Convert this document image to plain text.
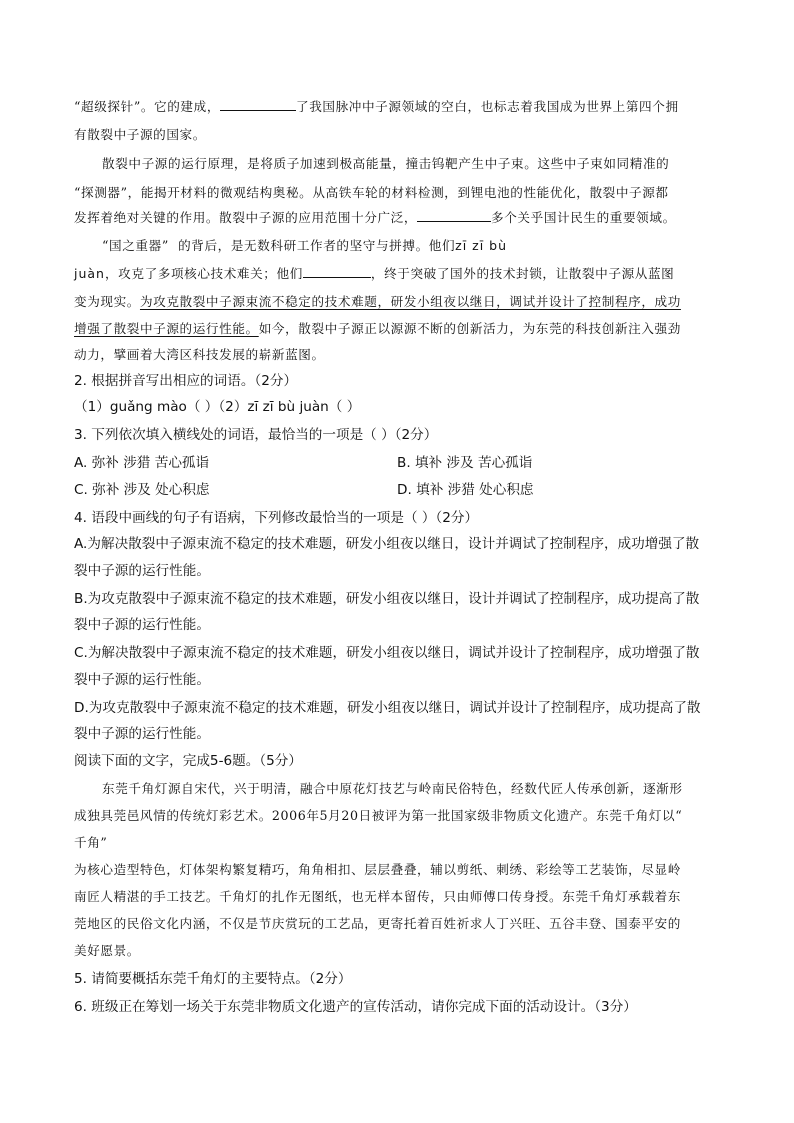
“超级探针”。它的建成，	了我国脉冲中子源领域的空白，也标志着我国成为世界上第四个拥
有散裂中子源的国家。
散裂中子源的运行原理，是将质子加速到极高能量，撞击钨靶产生中子束。这些中子束如同精准的
“探测器”，能揭开材料的微观结构奥秘。从高铁车轮的材料检测，到锂电池的性能优化，散裂中子源都
发挥着绝对关键的作用。散裂中子源的应用范围十分广泛，	多个关乎国计民生的重要领域。
“国之重器” 的背后，是无数科研工作者的坚守与拼搏。他们zī zī bù
juàn，攻克了多项核心技术难关；他们	，终于突破了国外的技术封锁，让散裂中子源从蓝图
变为现实。为攻克散裂中子源束流不稳定的技术难题，研发小组夜以继日，调试并设计了控制程序，成功
增强了散裂中子源的运行性能。如今，散裂中子源正以源源不断的创新活力，为东莞的科技创新注入强劲
动力，擘画着大湾区科技发展的崭新蓝图。
2. 根据拼音写出相应的词语。（2分）
（1）guǎng mào（ ）（2）zī zī bù juàn（ ）
3. 下列依次填入横线处的词语，最恰当的一项是（ ）（2分）
A. 弥补 涉猎 苦心孤诣	B. 填补 涉及 苦心孤诣
C. 弥补 涉及 处心积虑	D. 填补 涉猎 处心积虑
4. 语段中画线的句子有语病，下列修改最恰当的一项是（ ）（2分）
A.为解决散裂中子源束流不稳定的技术难题，研发小组夜以继日，设计并调试了控制程序，成功增强了散
裂中子源的运行性能。
B.为攻克散裂中子源束流不稳定的技术难题，研发小组夜以继日，设计并调试了控制程序，成功提高了散
裂中子源的运行性能。
C.为解决散裂中子源束流不稳定的技术难题，研发小组夜以继日，调试并设计了控制程序，成功增强了散
裂中子源的运行性能。
D.为攻克散裂中子源束流不稳定的技术难题，研发小组夜以继日，调试并设计了控制程序，成功提高了散
裂中子源的运行性能。
阅读下面的文字，完成5-6题。（5分）
东莞千角灯源自宋代，兴于明清，融合中原花灯技艺与岭南民俗特色，经数代匠人传承创新，逐渐形
成独具莞邑风情的传统灯彩艺术。2006年5月20日被评为第一批国家级非物质文化遗产。东莞千角灯以“
千角”
为核心造型特色，灯体架构繁复精巧，角角相扣、层层叠叠，辅以剪纸、刺绣、彩绘等工艺装饰，尽显岭
南匠人精湛的手工技艺。千角灯的扎作无图纸，也无样本留传，只由师傅口传身授。东莞千角灯承载着东
莞地区的民俗文化内涵，不仅是节庆赏玩的工艺品，更寄托着百姓祈求人丁兴旺、五谷丰登、国泰平安的
美好愿景。
5. 请简要概括东莞千角灯的主要特点。（2分）
6. 班级正在筹划一场关于东莞非物质文化遗产的宣传活动，请你完成下面的活动设计。（3分）
